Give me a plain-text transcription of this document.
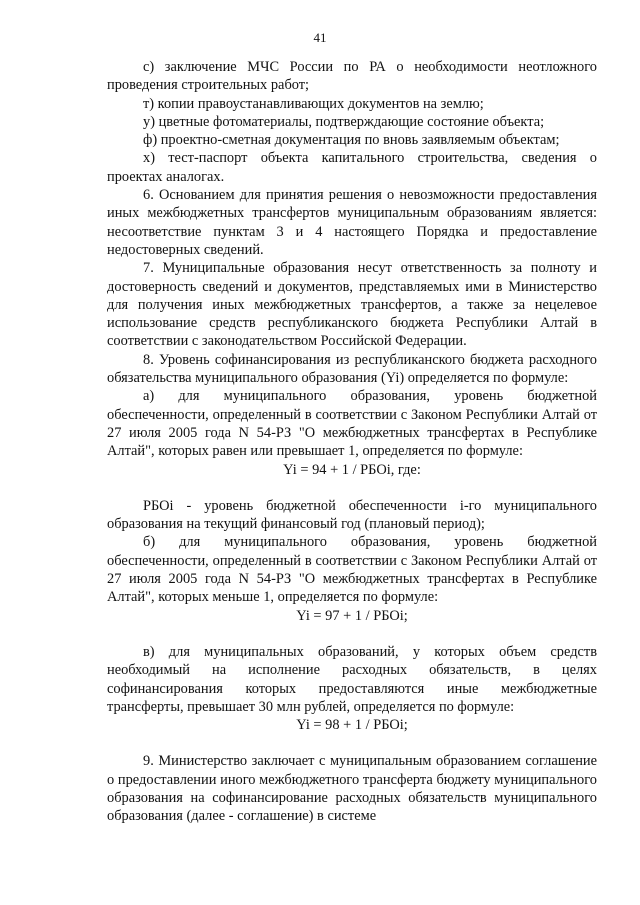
41

с) заключение МЧС России по РА о необходимости неотложного проведения строительных работ;

т) копии правоустанавливающих документов на землю;

у) цветные фотоматериалы, подтверждающие состояние объекта;

ф) проектно-сметная документация по вновь заявляемым объектам;

х) тест-паспорт объекта капитального строительства, сведения о проектах аналогах.

6. Основанием для принятия решения о невозможности предоставления иных межбюджетных трансфертов муниципальным образованиям является: несоответствие пунктам 3 и 4 настоящего Порядка и предоставление недостоверных сведений.

7. Муниципальные образования несут ответственность за полноту и достоверность сведений и документов, представляемых ими в Министерство для получения иных межбюджетных трансфертов, а также за нецелевое использование средств республиканского бюджета Республики Алтай в соответствии с законодательством Российской Федерации.

8. Уровень софинансирования из республиканского бюджета расходного обязательства муниципального образования (Yi) определяется по формуле:

а) для муниципального образования, уровень бюджетной обеспеченности, определенный в соответствии с Законом Республики Алтай от 27 июля 2005 года N 54-РЗ "О межбюджетных трансфертах в Республике Алтай", которых равен или превышает 1, определяется по формуле:

Yi = 94 + 1 / РБОi, где:

РБОi - уровень бюджетной обеспеченности i-го муниципального образования на текущий финансовый год (плановый период);

б) для муниципального образования, уровень бюджетной обеспеченности, определенный в соответствии с Законом Республики Алтай от 27 июля 2005 года N 54-РЗ "О межбюджетных трансфертах в Республике Алтай", которых меньше 1, определяется по формуле:

Yi = 97 + 1 / РБОi;

в) для муниципальных образований, у которых объем средств необходимый на исполнение расходных обязательств, в целях софинансирования которых предоставляются иные межбюджетные трансферты, превышает 30 млн рублей, определяется по формуле:

Yi = 98 + 1 / РБОi;

9. Министерство заключает с муниципальным образованием соглашение о предоставлении иного межбюджетного трансферта бюджету муниципального образования на софинансирование расходных обязательств муниципального образования (далее - соглашение) в системе
